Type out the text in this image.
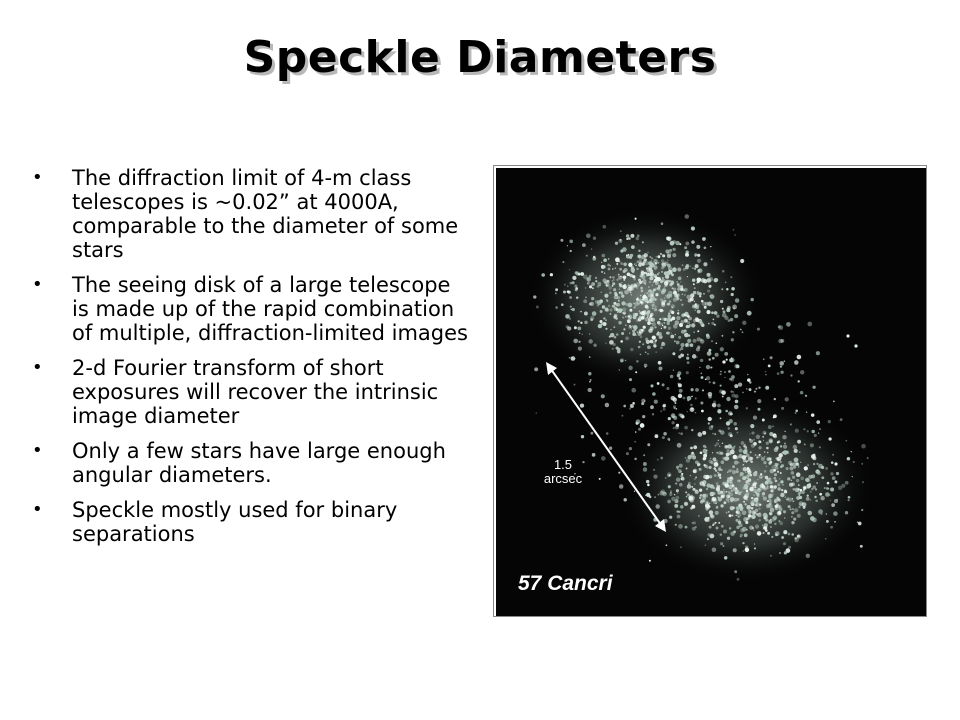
Speckle Diameters
• The diffraction limit of 4-m class telescopes is ~0.02” at 4000A, comparable to the diameter of some stars
• The seeing disk of a large telescope is made up of the rapid combination of multiple, diffraction-limited images
• 2-d Fourier transform of short exposures will recover the intrinsic image diameter
• Only a few stars have large enough angular diameters.
• Speckle mostly used for binary separations
1.5
arcsec
57 Cancri
